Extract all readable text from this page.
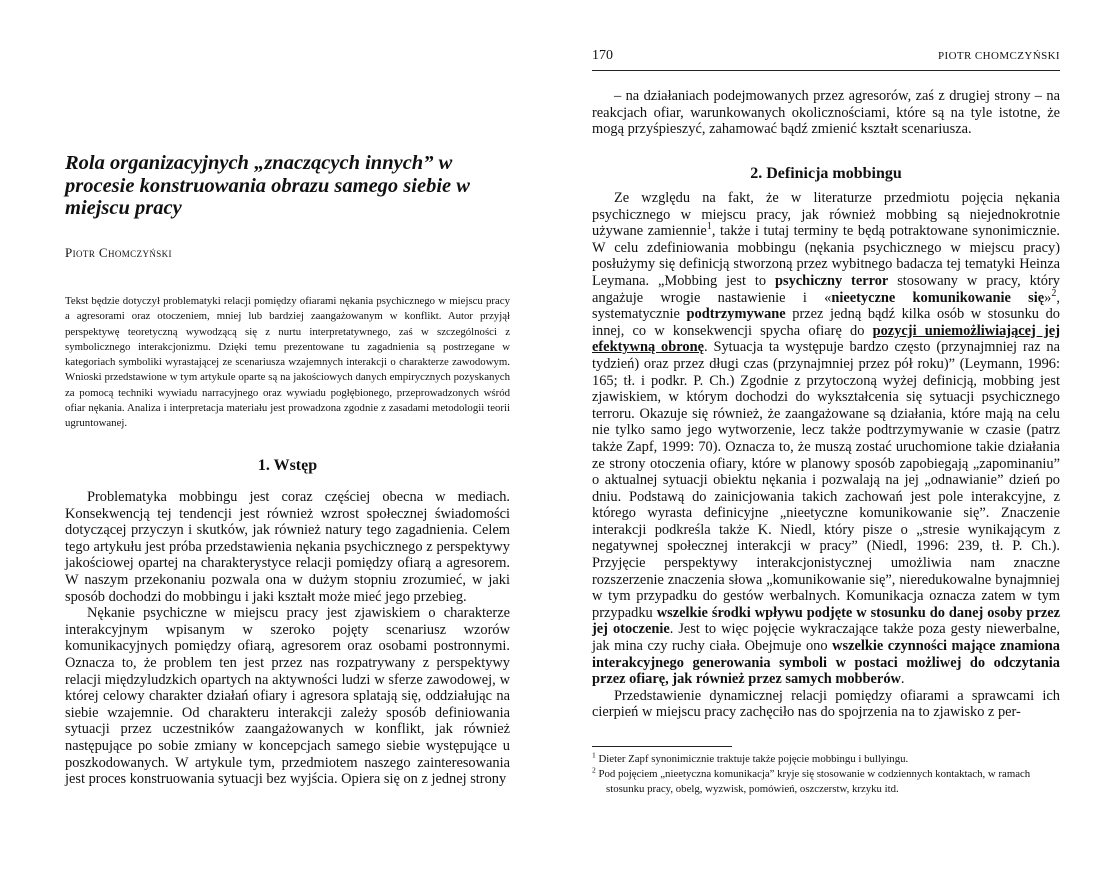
Rola organizacyjnych „znaczących innych” w procesie konstruowania obrazu samego siebie w miejscu pracy
Piotr Chomczyński
Tekst będzie dotyczył problematyki relacji pomiędzy ofiarami nękania psychicznego w miejscu pracy a agresorami oraz otoczeniem, mniej lub bardziej zaangażowanym w konflikt. Autor przyjął perspektywę teoretyczną wywodzącą się z nurtu interpretatywnego, zaś w szczególności z symbolicznego interakcjonizmu. Dzięki temu prezentowane tu zagadnienia są postrzegane w kategoriach symboliki wyrastającej ze scenariusza wzajemnych interakcji o charakterze zawodowym. Wnioski przedstawione w tym artykule oparte są na jakościowych danych empirycznych pozyskanych za pomocą techniki wywiadu narracyjnego oraz wywiadu pogłębionego, przeprowadzonych wśród ofiar nękania. Analiza i interpretacja materiału jest prowadzona zgodnie z zasadami metodologii teorii ugruntowanej.
1. Wstęp

Problematyka mobbingu jest coraz częściej obecna w mediach. Konsekwencją tej tendencji jest również wzrost społecznej świadomości dotyczącej przyczyn i skutków, jak również natury tego zagadnienia. Celem tego artykułu jest próba przedstawienia nękania psychicznego z perspektywy jakościowej opartej na charakterystyce relacji pomiędzy ofiarą a agresorem. W naszym przekonaniu pozwala ona w dużym stopniu zrozumieć, w jaki sposób dochodzi do mobbingu i jaki kształt może mieć jego przebieg.

Nękanie psychiczne w miejscu pracy jest zjawiskiem o charakterze interakcyjnym wpisanym w szeroko pojęty scenariusz wzorów komunikacyjnych pomiędzy ofiarą, agresorem oraz osobami postronnymi. Oznacza to, że problem ten jest przez nas rozpatrywany z perspektywy relacji międzyludzkich opartych na aktywności ludzi w sferze zawodowej, w której celowy charakter działań ofiary i agresora splatają się, oddziałując na siebie wzajemnie. Od charakteru interakcji zależy sposób definiowania sytuacji przez uczestników zaangażowanych w konflikt, jak również następujące po sobie zmiany w koncepcjach samego siebie występujące u poszkodowanych. W artykule tym, przedmiotem naszego zainteresowania jest proces konstruowania sytuacji bez wyjścia. Opiera się on z jednej strony

170	PIOTR CHOMCZYŃSKI

– na działaniach podejmowanych przez agresorów, zaś z drugiej strony – na reakcjach ofiar, warunkowanych okolicznościami, które są na tyle istotne, że mogą przyśpieszyć, zahamować bądź zmienić kształt scenariusza.

2. Definicja mobbingu

Ze względu na fakt, że w literaturze przedmiotu pojęcia nękania psychicznego w miejscu pracy, jak również mobbing są niejednokrotnie używane zamiennie$^1$, także i tutaj terminy te będą potraktowane synonimicznie. W celu zdefiniowania mobbingu (nękania psychicznego w miejscu pracy) posłużymy się definicją stworzoną przez wybitnego badacza tej tematyki Heinza Leymana. „Mobbing jest to psychiczny terror stosowany w pracy, który angażuje wrogie nastawienie i «nieetyczne komunikowanie się»$^2$, systematycznie podtrzymywane przez jedną bądź kilka osób w stosunku do innej, co w konsekwencji spycha ofiarę do pozycji uniemożliwiającej jej efektywną obronę. Sytuacja ta występuje bardzo często (przynajmniej raz na tydzień) oraz przez długi czas (przynajmniej przez pół roku)” (Leymann, 1996: 165; tł. i podkr. P. Ch.) Zgodnie z przytoczoną wyżej definicją, mobbing jest zjawiskiem, w którym dochodzi do wykształcenia się sytuacji psychicznego terroru. Okazuje się również, że zaangażowane są działania, które mają na celu nie tylko samo jego wytworzenie, lecz także podtrzymywanie w czasie (patrz także Zapf, 1999: 70). Oznacza to, że muszą zostać uruchomione takie działania ze strony otoczenia ofiary, które w planowy sposób zapobiegają „zapominaniu” o aktualnej sytuacji obiektu nękania i pozwalają na jej „odnawianie” dzień po dniu. Podstawą do zainicjowania takich zachowań jest pole interakcyjne, z którego wyrasta definicyjne „nieetyczne komunikowanie się”. Znaczenie interakcji podkreśla także K. Niedl, który pisze o „stresie wynikającym z negatywnej społecznej interakcji w pracy” (Niedl, 1996: 239, tł. P. Ch.). Przyjęcie perspektywy interakcjonistycznej umożliwia nam znaczne rozszerzenie znaczenia słowa „komunikowanie się”, nieredukowalne bynajmniej w tym przypadku do gestów werbalnych. Komunikacja oznacza zatem w tym przypadku wszelkie środki wpływu podjęte w stosunku do danej osoby przez jej otoczenie. Jest to więc pojęcie wykraczające także poza gesty niewerbalne, jak mina czy ruchy ciała. Obejmuje ono wszelkie czynności mające znamiona interakcyjnego generowania symboli w postaci możliwej do odczytania przez ofiarę, jak również przez samych mobberów.

Przedstawienie dynamicznej relacji pomiędzy ofiarami a sprawcami ich cierpień w miejscu pracy zachęciło nas do spojrzenia na to zjawisko z per-

$^1$ Dieter Zapf synonimicznie traktuje także pojęcie mobbingu i bullyingu.
$^2$ Pod pojęciem „nieetyczna komunikacja” kryje się stosowanie w codziennych kontaktach, w ramach stosunku pracy, obelg, wyzwisk, pomówień, oszczerstw, krzyku itd.
